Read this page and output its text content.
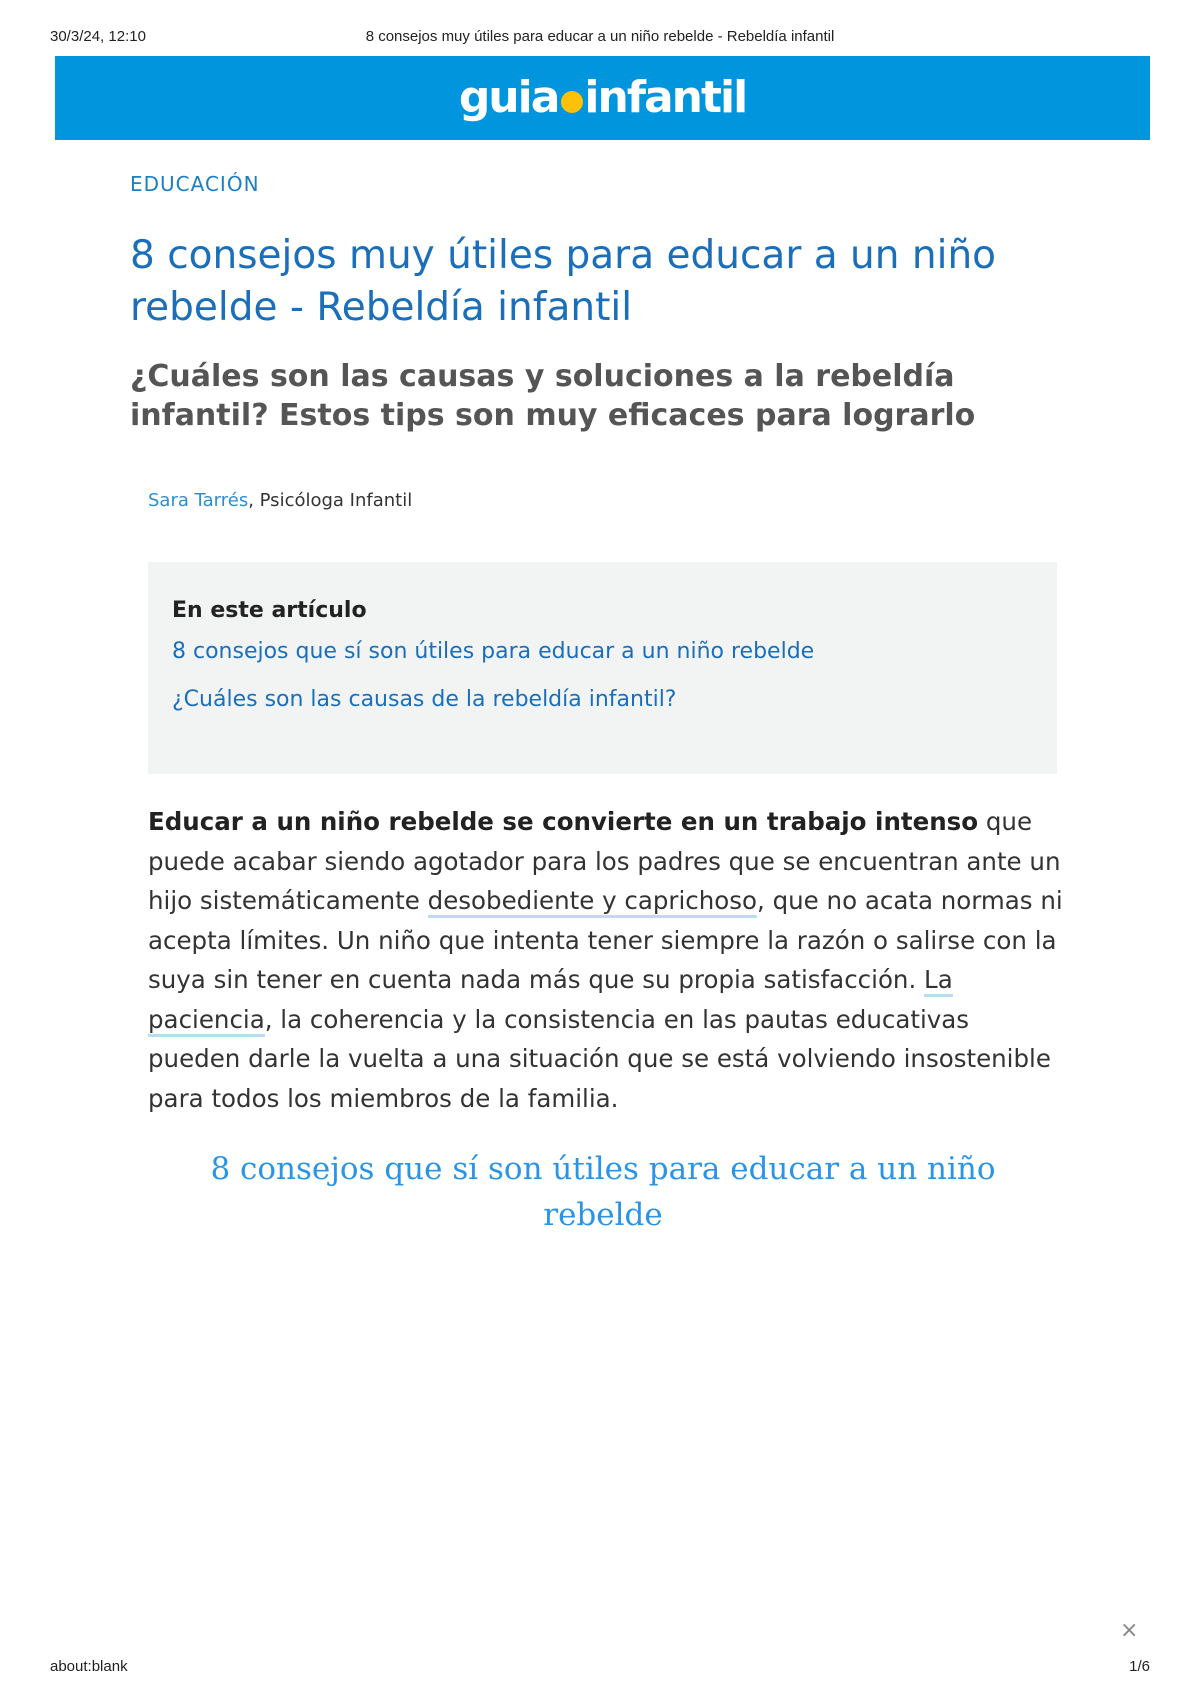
30/3/24, 12:10	8 consejos muy útiles para educar a un niño rebelde - Rebeldía infantil
guia infantil
EDUCACIÓN
8 consejos muy útiles para educar a un niño rebelde - Rebeldía infantil
¿Cuáles son las causas y soluciones a la rebeldía infantil? Estos tips son muy eficaces para lograrlo
Sara Tarrés, Psicóloga Infantil
En este artículo
8 consejos que sí son útiles para educar a un niño rebelde
¿Cuáles son las causas de la rebeldía infantil?

Educar a un niño rebelde se convierte en un trabajo intenso que puede acabar siendo agotador para los padres que se encuentran ante un hijo sistemáticamente desobediente y caprichoso, que no acata normas ni acepta límites. Un niño que intenta tener siempre la razón o salirse con la suya sin tener en cuenta nada más que su propia satisfacción. La paciencia, la coherencia y la consistencia en las pautas educativas pueden darle la vuelta a una situación que se está volviendo insostenible para todos los miembros de la familia.

8 consejos que sí son útiles para educar a un niño rebelde
×
about:blank	1/6
